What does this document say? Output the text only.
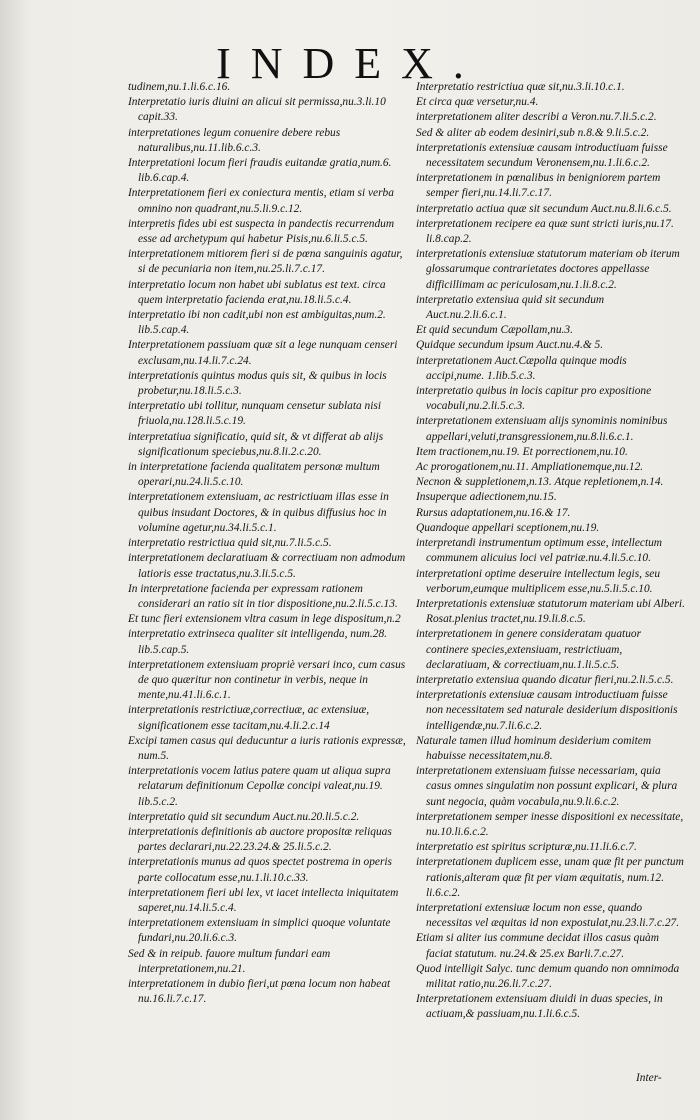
INDEX.

tudinem,nu.1.li.6.c.16.

Interpretatio iuris diuini an alicui sit permissa,nu.3.li.10 capit.33.

interpretationes legum conuenire debere rebus naturalibus,nu.11.lib.6.c.3.

Interpretationi locum fieri fraudis euitandæ gratia,num.6. lib.6.cap.4.

Interpretationem fieri ex coniectura mentis, etiam si verba omnino non quadrant,nu.5.li.9.c.12.

interpretis fides ubi est suspecta in pandectis recurrendum esse ad archetypum qui habetur Pisis,nu.6.li.5.c.5.

interpretationem mitiorem fieri si de pœna sanguinis agatur, si de pecuniaria non item,nu.25.li.7.c.17.

interpretatio locum non habet ubi sublatus est text. circa quem interpretatio facienda erat,nu.18.li.5.c.4.

interpretatio ibi non cadit,ubi non est ambiguitas,num.2. lib.5.cap.4.

Interpretationem passiuam quæ sit a lege nunquam censeri exclusam,nu.14.li.7.c.24.

interpretationis quintus modus quis sit, & quibus in locis probetur,nu.18.li.5.c.3.

interpretatio ubi tollitur, nunquam censetur sublata nisi friuola,nu.128.li.5.c.19.

interpretatiua significatio, quid sit, & vt differat ab alijs significationum speciebus,nu.8.li.2.c.20.

in interpretatione facienda qualitatem personæ multum operari,nu.24.li.5.c.10.

interpretationem extensiuam, ac restrictiuam illas esse in quibus insudant Doctores, & in quibus diffusius hoc in volumine agetur,nu.34.li.5.c.1.

interpretatio restrictiua quid sit,nu.7.li.5.c.5.

interpretationem declaratiuam & correctiuam non admodum latioris esse tractatus,nu.3.li.5.c.5.

In interpretatione facienda per expressam rationem considerari an ratio sit in tior dispositione,nu.2.li.5.c.13.

Et tunc fieri extensionem vltra casum in lege dispositum,n.2

interpretatio extrinseca qualiter sit intelligenda, num.28. lib.5.cap.5.

interpretationem extensiuam propriè versari inco, cum casus de quo quæritur non continetur in verbis, neque in mente,nu.41.li.6.c.1.

interpretationis restrictiuæ,correctiuæ, ac extensiuæ, significationem esse tacitam,nu.4.li.2.c.14

Excipi tamen casus qui deducuntur a iuris rationis expressæ, num.5.

interpretationis vocem latius patere quam ut aliqua supra relatarum definitionum Cepollæ concipi valeat,nu.19. lib.5.c.2.

interpretatio quid sit secundum Auct.nu.20.li.5.c.2.

interpretationis definitionis ab auctore propositæ reliquas partes declarari,nu.22.23.24.& 25.li.5.c.2.

interpretationis munus ad quos spectet postrema in operis parte collocatum esse,nu.1.li.10.c.33.

interpretationem fieri ubi lex, vt iacet intellecta iniquitatem saperet,nu.14.li.5.c.4.

interpretationem extensiuam in simplici quoque voluntate fundari,nu.20.li.6.c.3.

Sed & in reipub. fauore multum fundari eam interpretationem,nu.21.

interpretationem in dubio fieri,ut pœna locum non habeat nu.16.li.7.c.17.

Interpretatio restrictiua quæ sit,nu.3.li.10.c.1.

Et circa quæ versetur,nu.4.

interpretationem aliter describi a Veron.nu.7.li.5.c.2.

Sed & aliter ab eodem desiniri,sub n.8.& 9.li.5.c.2.

interpretationis extensiuæ causam introductiuam fuisse necessitatem secundum Veronensem,nu.1.li.6.c.2.

interpretationem in pœnalibus in benigniorem partem semper fieri,nu.14.li.7.c.17.

interpretatio actiua quæ sit secundum Auct.nu.8.li.6.c.5.

interpretationem recipere ea quæ sunt stricti iuris,nu.17. li.8.cap.2.

interpretationis extensiuæ statutorum materiam ob iterum glossarumque contrarietates doctores appellasse difficillimam ac periculosam,nu.1.li.8.c.2.

interpretatio extensiua quid sit secundum Auct.nu.2.li.6.c.1.

Et quid secundum Cæpollam,nu.3.

Quidque secundum ipsum Auct.nu.4.& 5.

interpretationem Auct.Cæpolla quinque modis accipi,nume. 1.lib.5.c.3.

interpretatio quibus in locis capitur pro expositione vocabuli,nu.2.li.5.c.3.

interpretationem extensiuam alijs synominis nominibus appellari,veluti,transgressionem,nu.8.li.6.c.1.

Item tractionem,nu.19. Et porrectionem,nu.10.

Ac prorogationem,nu.11. Ampliationemque,nu.12.

Necnon & suppletionem,n.13. Atque repletionem,n.14.

Insuperque adiectionem,nu.15.

Rursus adaptationem,nu.16.& 17.

Quandoque appellari sceptionem,nu.19.

interpretandi instrumentum optimum esse, intellectum communem alicuius loci vel patriæ.nu.4.li.5.c.10.

interpretationi optime deseruire intellectum legis, seu verborum,eumque multiplicem esse,nu.5.li.5.c.10.

Interpretationis extensiuæ statutorum materiam ubi Alberi. Rosat.plenius tractet,nu.19.li.8.c.5.

interpretationem in genere consideratam quatuor continere species,extensiuam, restrictiuam, declaratiuam, & correctiuam,nu.1.li.5.c.5.

interpretatio extensiua quando dicatur fieri,nu.2.li.5.c.5.

interpretationis extensiuæ causam introductiuam fuisse non necessitatem sed naturale desiderium dispositionis intelligendæ,nu.7.li.6.c.2.

Naturale tamen illud hominum desiderium comitem habuisse necessitatem,nu.8.

interpretationem extensiuam fuisse necessariam, quia casus omnes singulatim non possunt explicari, & plura sunt negocia, quàm vocabula,nu.9.li.6.c.2.

interpretationem semper inesse dispositioni ex necessitate, nu.10.li.6.c.2.

interpretatio est spiritus scripturæ,nu.11.li.6.c.7.

interpretationem duplicem esse, unam quæ fit per punctum rationis,alteram quæ fit per viam æquitatis, num.12. li.6.c.2.

interpretationi extensiuæ locum non esse, quando necessitas vel æquitas id non expostulat,nu.23.li.7.c.27.

Etiam si aliter ius commune decidat illos casus quàm faciat statutum. nu.24.& 25.ex Barli.7.c.27.

Quod intelligit Salyc. tunc demum quando non omnimoda militat ratio,nu.26.li.7.c.27.

Interpretationem extensiuam diuidi in duas species, in actiuam,& passiuam,nu.1.li.6.c.5.

Inter-
